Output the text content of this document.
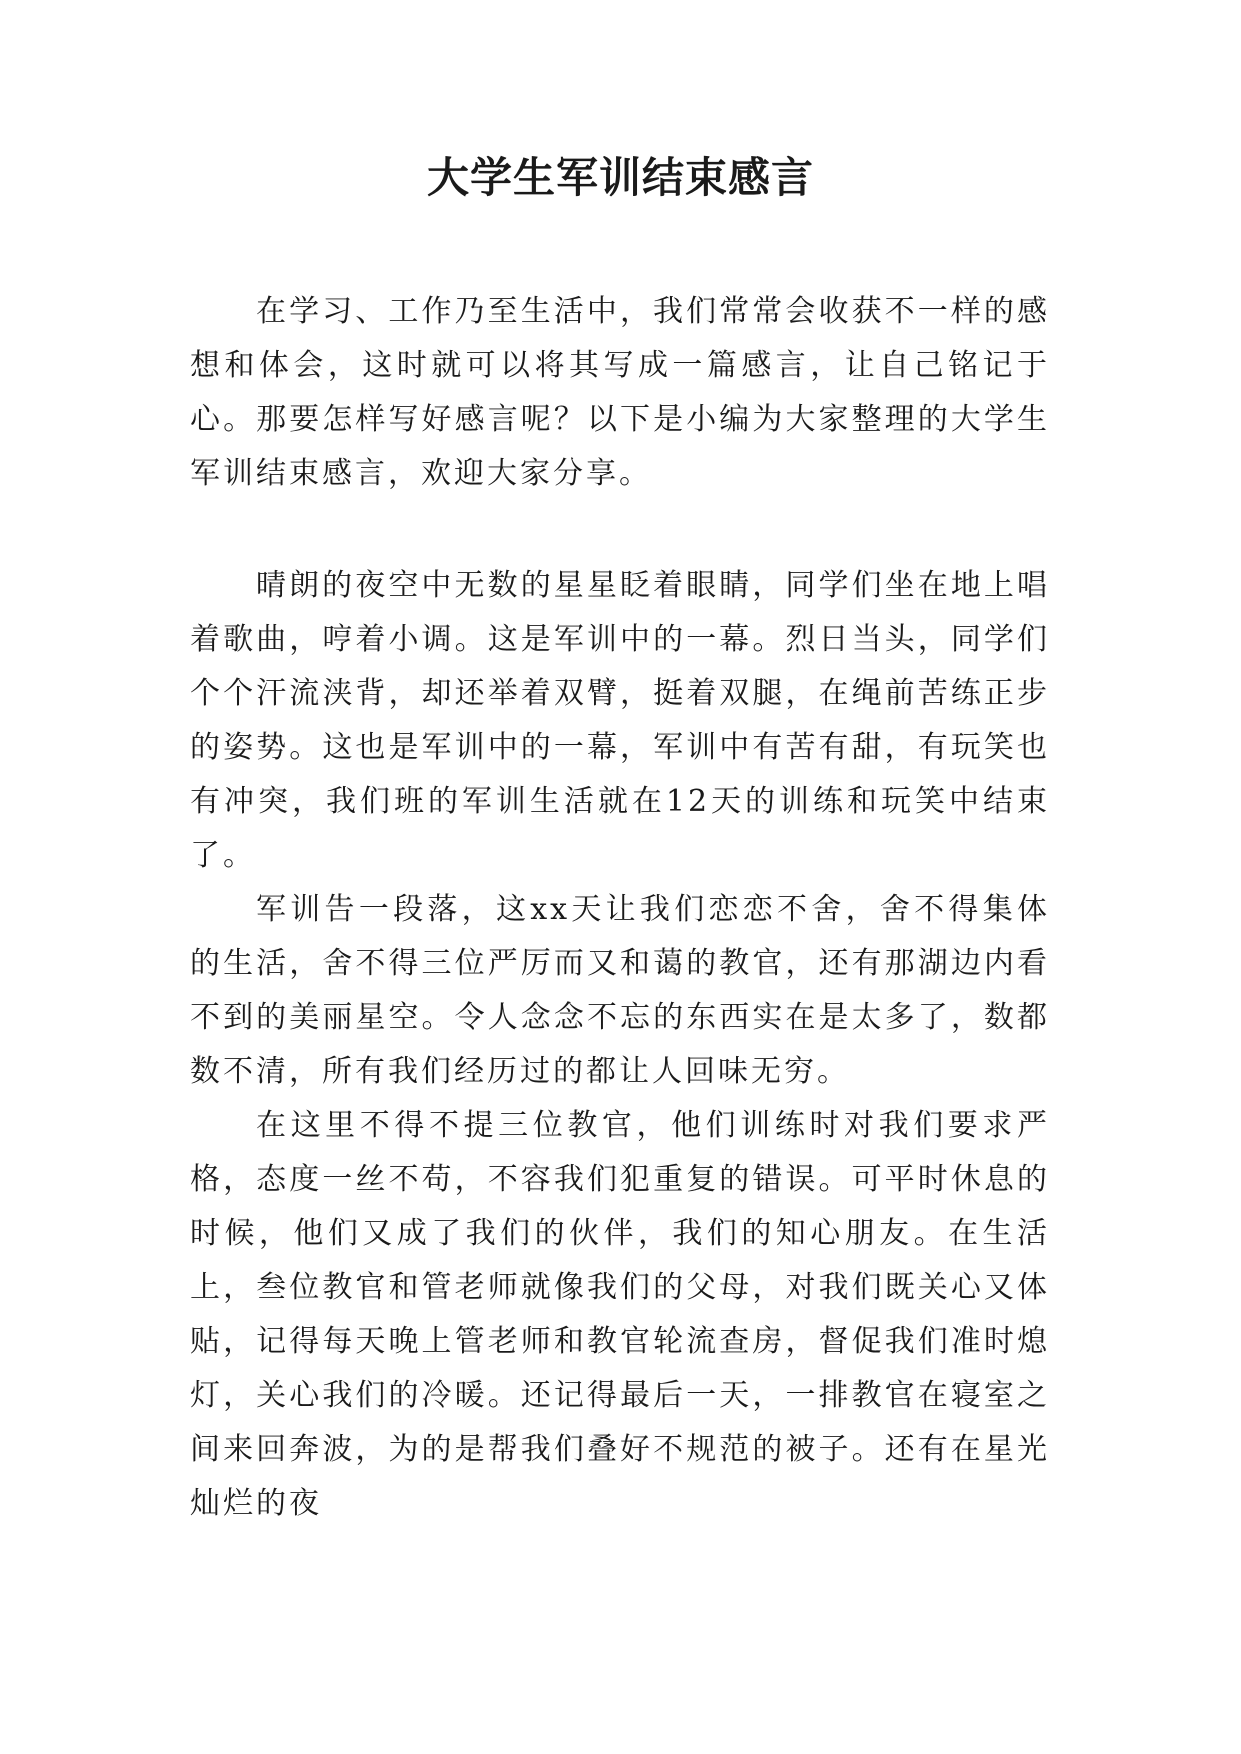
大学生军训结束感言

在学习、工作乃至生活中，我们常常会收获不一样的感想和体会，这时就可以将其写成一篇感言，让自己铭记于心。那要怎样写好感言呢？以下是小编为大家整理的大学生军训结束感言，欢迎大家分享。

晴朗的夜空中无数的星星眨着眼睛，同学们坐在地上唱着歌曲，哼着小调。这是军训中的一幕。烈日当头，同学们个个汗流浃背，却还举着双臂，挺着双腿，在绳前苦练正步的姿势。这也是军训中的一幕，军训中有苦有甜，有玩笑也有冲突，我们班的军训生活就在12天的训练和玩笑中结束了。

军训告一段落，这xx天让我们恋恋不舍，舍不得集体的生活，舍不得三位严厉而又和蔼的教官，还有那湖边内看不到的美丽星空。令人念念不忘的东西实在是太多了，数都数不清，所有我们经历过的都让人回味无穷。

在这里不得不提三位教官，他们训练时对我们要求严格，态度一丝不苟，不容我们犯重复的错误。可平时休息的时候，他们又成了我们的伙伴，我们的知心朋友。在生活上，叁位教官和管老师就像我们的父母，对我们既关心又体贴，记得每天晚上管老师和教官轮流查房，督促我们准时熄灯，关心我们的冷暖。还记得最后一天，一排教官在寝室之间来回奔波，为的是帮我们叠好不规范的被子。还有在星光灿烂的夜
